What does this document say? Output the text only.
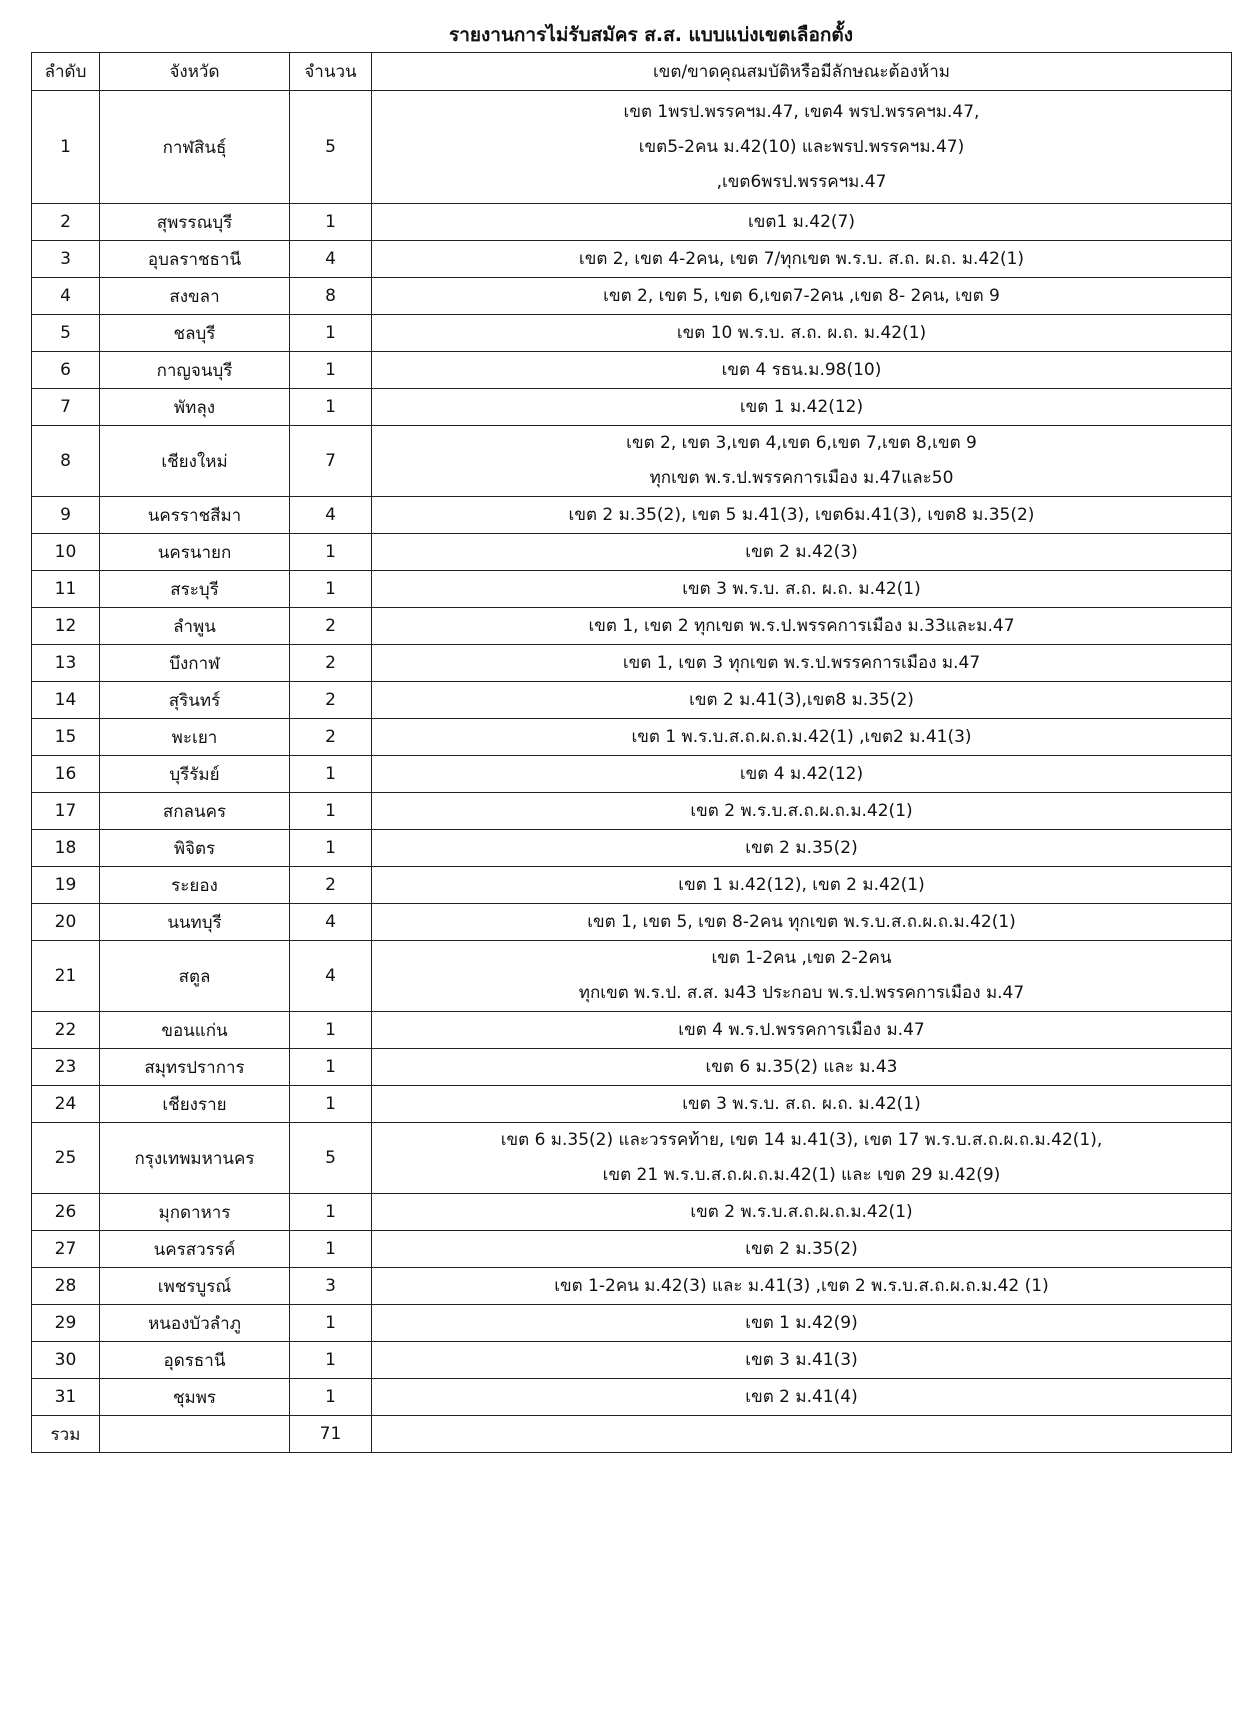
รายงานการไม่รับสมัคร ส.ส. แบบแบ่งเขตเลือกตั้ง
ลำดับ	จังหวัด	จำนวน	เขต/ขาดคุณสมบัติหรือมีลักษณะต้องห้าม
1	กาฬสินธุ์	5	เขต 1พรป.พรรคฯม.47, เขต4 พรป.พรรคฯม.47,
เขต5-2คน ม.42(10) และพรป.พรรคฯม.47)
,เขต6พรป.พรรคฯม.47

2	สุพรรณบุรี	1	เขต1 ม.42(7)

3	อุบลราชธานี	4	เขต 2, เขต 4-2คน, เขต 7/ทุกเขต พ.ร.บ. ส.ถ. ผ.ถ. ม.42(1)

4	สงขลา	8	เขต 2, เขต 5, เขต 6,เขต7-2คน ,เขต 8- 2คน, เขต 9

5	ชลบุรี	1	เขต 10 พ.ร.บ. ส.ถ. ผ.ถ. ม.42(1)

6	กาญจนบุรี	1	เขต 4 รธน.ม.98(10)

7	พัทลุง	1	เขต 1 ม.42(12)

8	เชียงใหม่	7	เขต 2, เขต 3,เขต 4,เขต 6,เขต 7,เขต 8,เขต 9
ทุกเขต พ.ร.ป.พรรคการเมือง ม.47และ50

9	นครราชสีมา	4	เขต 2 ม.35(2), เขต 5 ม.41(3), เขต6ม.41(3), เขต8 ม.35(2)

10	นครนายก	1	เขต 2 ม.42(3)

11	สระบุรี	1	เขต 3 พ.ร.บ. ส.ถ. ผ.ถ. ม.42(1)

12	ลำพูน	2	เขต 1, เขต 2 ทุกเขต พ.ร.ป.พรรคการเมือง ม.33และม.47

13	บึงกาฬ	2	เขต 1, เขต 3 ทุกเขต พ.ร.ป.พรรคการเมือง ม.47

14	สุรินทร์	2	เขต 2 ม.41(3),เขต8 ม.35(2)

15	พะเยา	2	เขต 1 พ.ร.บ.ส.ถ.ผ.ถ.ม.42(1) ,เขต2 ม.41(3)

16	บุรีรัมย์	1	เขต 4 ม.42(12)

17	สกลนคร	1	เขต 2 พ.ร.บ.ส.ถ.ผ.ถ.ม.42(1)

18	พิจิตร	1	เขต 2 ม.35(2)

19	ระยอง	2	เขต 1 ม.42(12), เขต 2 ม.42(1)

20	นนทบุรี	4	เขต 1, เขต 5, เขต 8-2คน ทุกเขต พ.ร.บ.ส.ถ.ผ.ถ.ม.42(1)

21	สตูล	4	เขต 1-2คน ,เขต 2-2คน
ทุกเขต พ.ร.ป. ส.ส. ม43 ประกอบ พ.ร.ป.พรรคการเมือง ม.47

22	ขอนแก่น	1	เขต 4 พ.ร.ป.พรรคการเมือง ม.47

23	สมุทรปราการ	1	เขต 6 ม.35(2) และ ม.43

24	เชียงราย	1	เขต 3 พ.ร.บ. ส.ถ. ผ.ถ. ม.42(1)

25	กรุงเทพมหานคร	5	เขต 6 ม.35(2) และวรรคท้าย, เขต 14 ม.41(3), เขต 17 พ.ร.บ.ส.ถ.ผ.ถ.ม.42(1),
เขต 21 พ.ร.บ.ส.ถ.ผ.ถ.ม.42(1) และ เขต 29 ม.42(9)

26	มุกดาหาร	1	เขต 2 พ.ร.บ.ส.ถ.ผ.ถ.ม.42(1)

27	นครสวรรค์	1	เขต 2 ม.35(2)

28	เพชรบูรณ์	3	เขต 1-2คน ม.42(3) และ ม.41(3) ,เขต 2 พ.ร.บ.ส.ถ.ผ.ถ.ม.42 (1)

29	หนองบัวลำภู	1	เขต 1 ม.42(9)

30	อุดรธานี	1	เขต 3 ม.41(3)

31	ชุมพร	1	เขต 2 ม.41(4)

รวม		71	
